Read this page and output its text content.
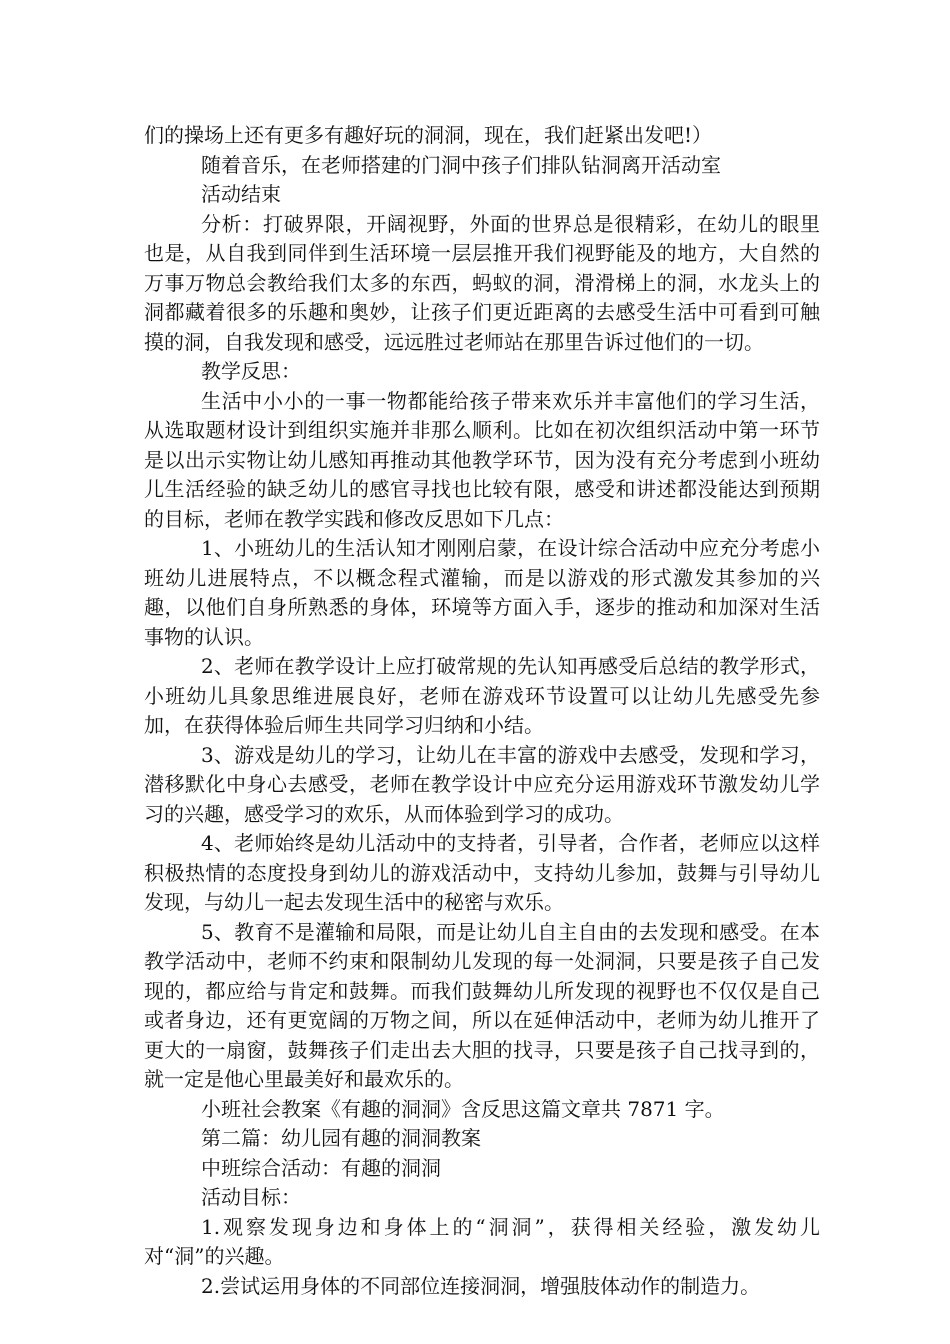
们的操场上还有更多有趣好玩的洞洞，现在，我们赶紧出发吧!）

随着音乐，在老师搭建的门洞中孩子们排队钻洞离开活动室

活动结束

分析：打破界限，开阔视野，外面的世界总是很精彩，在幼儿的眼里也是，从自我到同伴到生活环境一层层推开我们视野能及的地方，大自然的万事万物总会教给我们太多的东西，蚂蚁的洞，滑滑梯上的洞，水龙头上的洞都藏着很多的乐趣和奥妙，让孩子们更近距离的去感受生活中可看到可触摸的洞，自我发现和感受，远远胜过老师站在那里告诉过他们的一切。

教学反思：

生活中小小的一事一物都能给孩子带来欢乐并丰富他们的学习生活，从选取题材设计到组织实施并非那么顺利。比如在初次组织活动中第一环节是以出示实物让幼儿感知再推动其他教学环节，因为没有充分考虑到小班幼儿生活经验的缺乏幼儿的感官寻找也比较有限，感受和讲述都没能达到预期的目标，老师在教学实践和修改反思如下几点：

1、小班幼儿的生活认知才刚刚启蒙，在设计综合活动中应充分考虑小班幼儿进展特点，不以概念程式灌输，而是以游戏的形式激发其参加的兴趣，以他们自身所熟悉的身体，环境等方面入手，逐步的推动和加深对生活事物的认识。

2、老师在教学设计上应打破常规的先认知再感受后总结的教学形式，小班幼儿具象思维进展良好，老师在游戏环节设置可以让幼儿先感受先参加，在获得体验后师生共同学习归纳和小结。

3、游戏是幼儿的学习，让幼儿在丰富的游戏中去感受，发现和学习，潜移默化中身心去感受，老师在教学设计中应充分运用游戏环节激发幼儿学习的兴趣，感受学习的欢乐，从而体验到学习的成功。

4、老师始终是幼儿活动中的支持者，引导者，合作者，老师应以这样积极热情的态度投身到幼儿的游戏活动中，支持幼儿参加，鼓舞与引导幼儿发现，与幼儿一起去发现生活中的秘密与欢乐。

5、教育不是灌输和局限，而是让幼儿自主自由的去发现和感受。在本教学活动中，老师不约束和限制幼儿发现的每一处洞洞，只要是孩子自己发现的，都应给与肯定和鼓舞。而我们鼓舞幼儿所发现的视野也不仅仅是自己或者身边，还有更宽阔的万物之间，所以在延伸活动中，老师为幼儿推开了更大的一扇窗，鼓舞孩子们走出去大胆的找寻，只要是孩子自己找寻到的，就一定是他心里最美好和最欢乐的。

小班社会教案《有趣的洞洞》含反思这篇文章共 7871 字。

第二篇：幼儿园有趣的洞洞教案

中班综合活动：有趣的洞洞

活动目标：

1.观察发现身边和身体上的“洞洞”，获得相关经验，激发幼儿对“洞”的兴趣。

2.尝试运用身体的不同部位连接洞洞，增强肢体动作的制造力。
